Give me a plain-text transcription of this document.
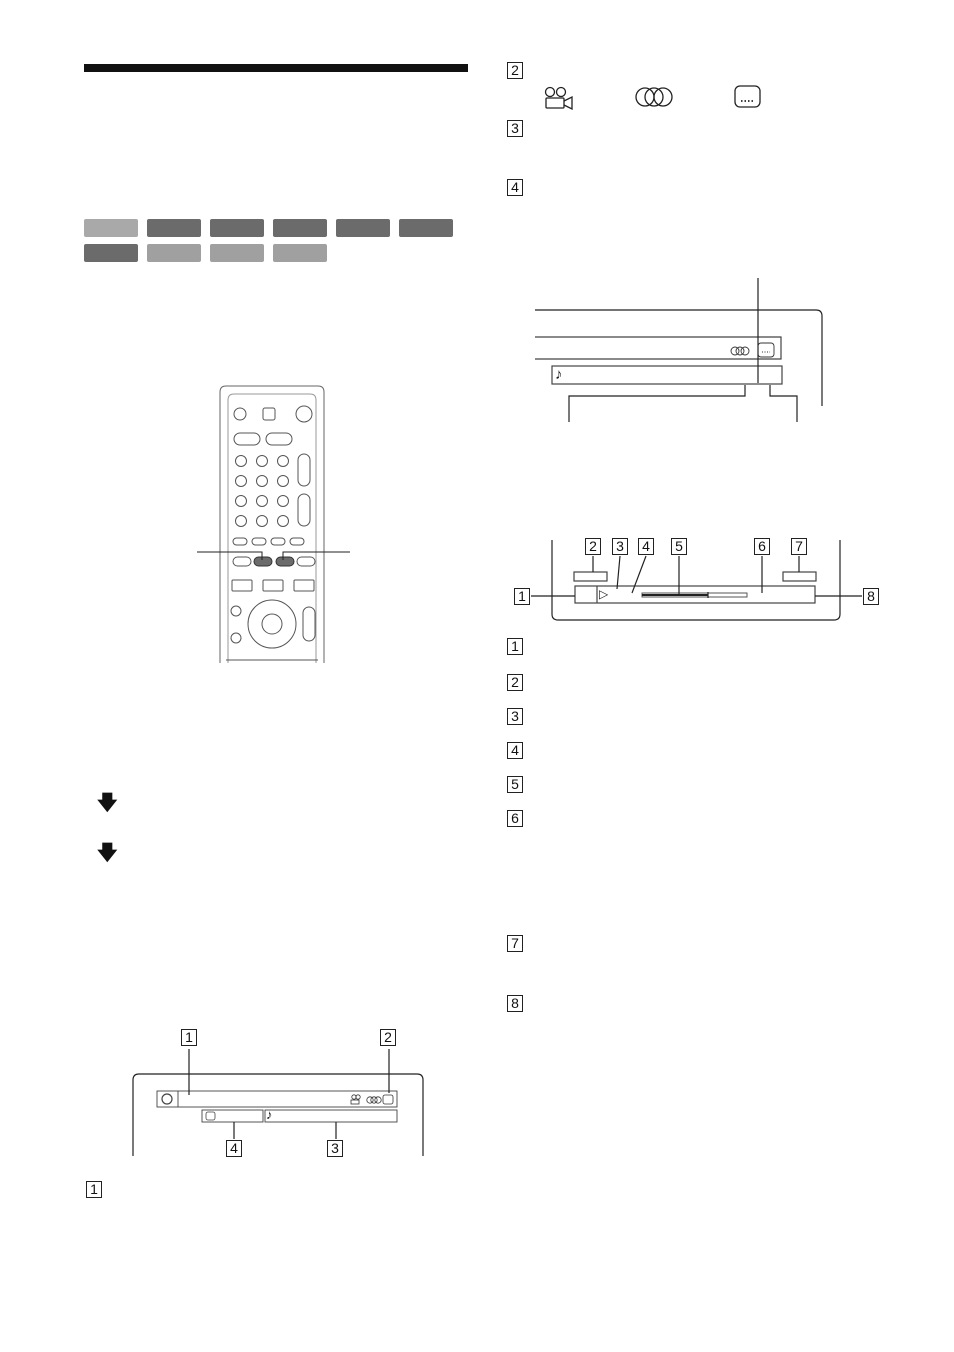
🡇
🡇
♪
1	2
4	3
1
2
3
4
♪
▷
2 3 4 5	6 7
1	8
1
2
3
4
5
6
7
8
